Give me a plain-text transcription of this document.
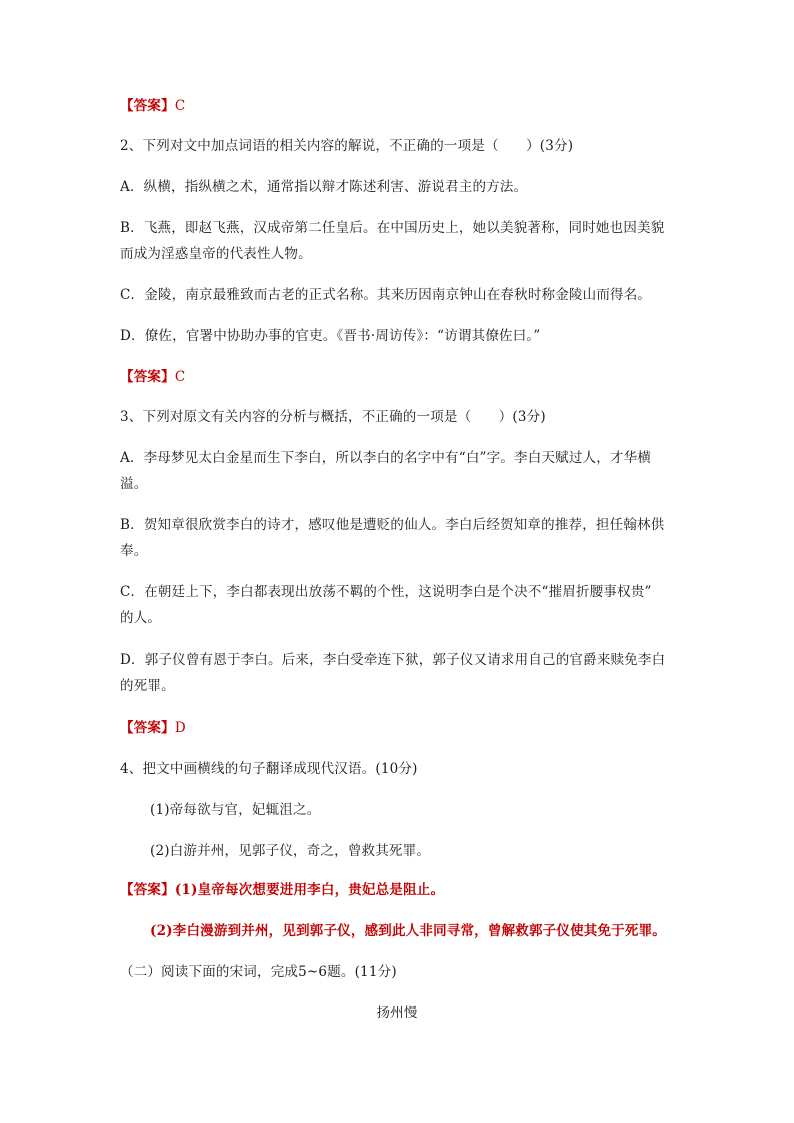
【答案】C
2、下列对文中加点词语的相关内容的解说，不正确的一项是（　　）(3分)
A．纵横，指纵横之术，通常指以辩才陈述利害、游说君主的方法。
B．飞燕，即赵飞燕，汉成帝第二任皇后。在中国历史上，她以美貌著称，同时她也因美貌
而成为淫惑皇帝的代表性人物。
C．金陵，南京最雅致而古老的正式名称。其来历因南京钟山在春秋时称金陵山而得名。
D．僚佐，官署中协助办事的官吏。《晋书·周访传》：“访谓其僚佐曰。”
【答案】C
3、下列对原文有关内容的分析与概括，不正确的一项是（　　）(3分)
A．李母梦见太白金星而生下李白，所以李白的名字中有“白”字。李白天赋过人，才华横
溢。
B．贺知章很欣赏李白的诗才，感叹他是遭贬的仙人。李白后经贺知章的推荐，担任翰林供
奉。
C．在朝廷上下，李白都表现出放荡不羁的个性，这说明李白是个决不“摧眉折腰事权贵”
的人。
D．郭子仪曾有恩于李白。后来，李白受牵连下狱，郭子仪又请求用自己的官爵来赎免李白
的死罪。
【答案】D
4、把文中画横线的句子翻译成现代汉语。(10分)
(1)帝每欲与官，妃辄沮之。
(2)白游并州，见郭子仪，奇之，曾救其死罪。
【答案】(1)皇帝每次想要进用李白，贵妃总是阻止。
(2)李白漫游到并州，见到郭子仪，感到此人非同寻常，曾解救郭子仪使其免于死罪。
（二）阅读下面的宋词，完成5~6题。(11分)
扬州慢
